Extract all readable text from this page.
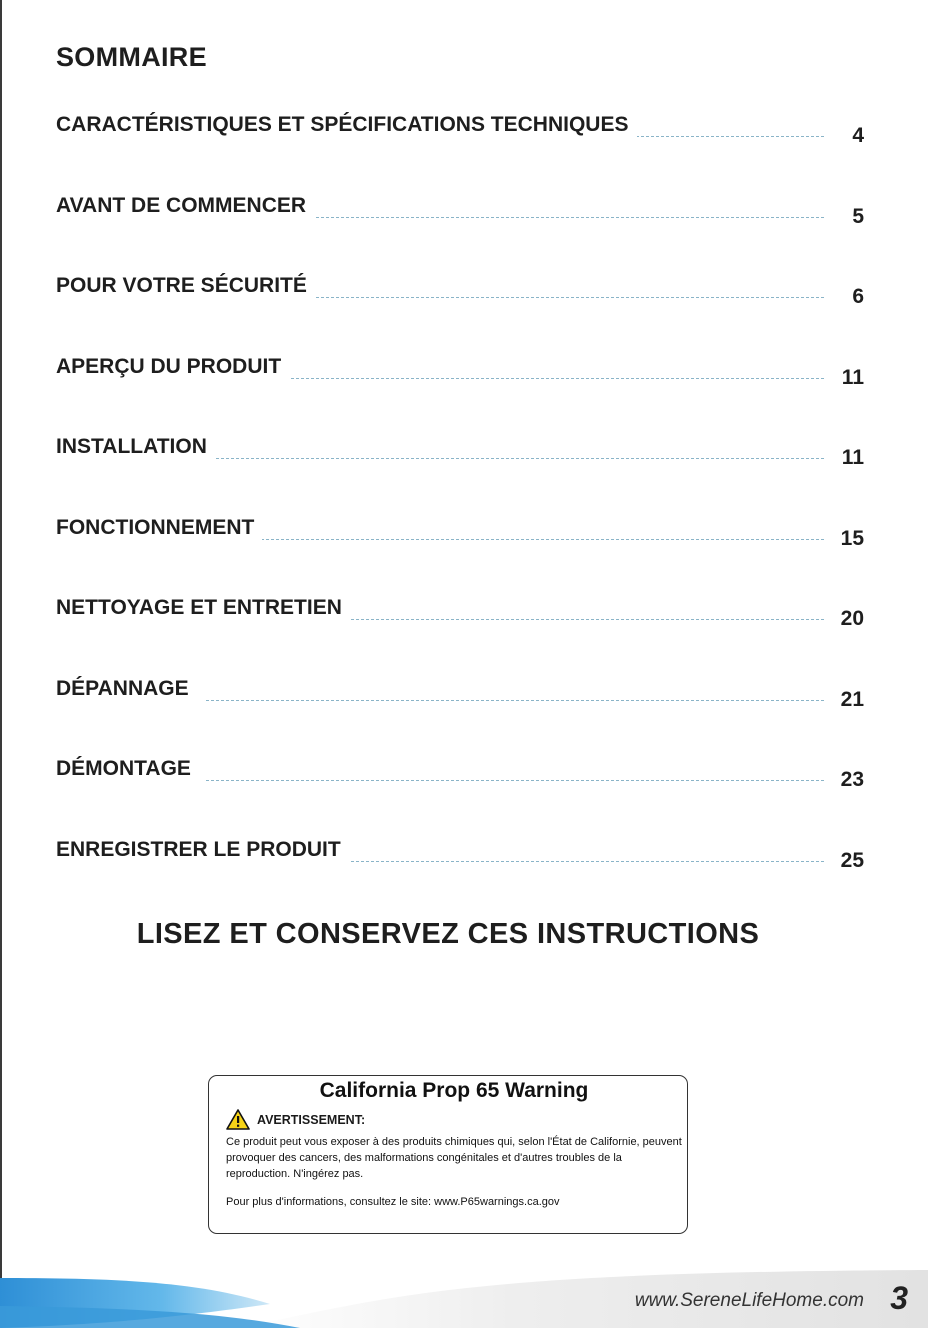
SOMMAIRE
CARACTÉRISTIQUES ET SPÉCIFICATIONS TECHNIQUES	4
AVANT DE COMMENCER	5
POUR VOTRE SÉCURITÉ	6
APERÇU DU PRODUIT	11
INSTALLATION	11
FONCTIONNEMENT	15
NETTOYAGE ET ENTRETIEN	20
DÉPANNAGE	21
DÉMONTAGE	23
ENREGISTRER LE PRODUIT	25
LISEZ ET CONSERVEZ CES INSTRUCTIONS

California Prop 65 Warning

AVERTISSEMENT:

Ce produit peut vous exposer à des produits chimiques qui, selon l'État de Californie, peuvent provoquer des cancers, des malformations congénitales et d'autres troubles de la reproduction. N'ingérez pas.

Pour plus d'informations, consultez le site: www.P65warnings.ca.gov

www.SereneLifeHome.com 3
